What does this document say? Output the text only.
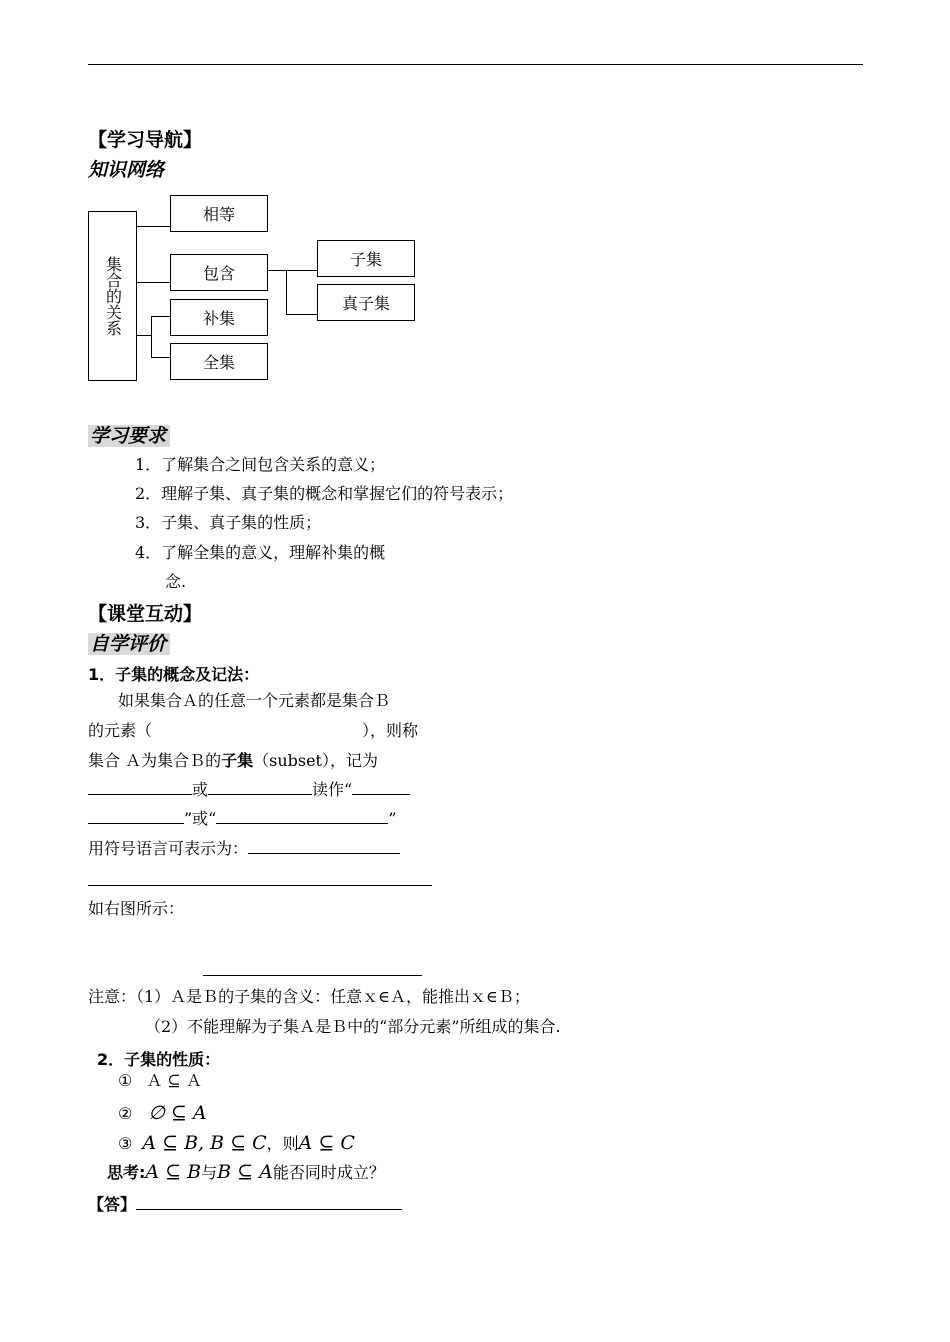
【学习导航】
知识网络
集合的关系
相等
包含
补集
全集
子集
真子集
学习要求
1．了解集合之间包含关系的意义；
2．理解子集、真子集的概念和掌握它们的符号表示；
3．子集、真子集的性质；
4．了解全集的意义，理解补集的概
念.
【课堂互动】
自学评价
1．子集的概念及记法：
如果集合Ａ的任意一个元素都是集合Ｂ
的元素（	），则称
集合 Ａ为集合Ｂ的子集（subset），记为
或	读作“
”或“	”
用符号语言可表示为：
如右图所示：
注意：（1）Ａ是Ｂ的子集的含义：任意ｘ∈Ａ，能推出ｘ∈Ｂ；
（2）不能理解为子集Ａ是Ｂ中的“部分元素”所组成的集合.
2．子集的性质：
① Ａ ⊆ Ａ
② ∅ ⊆ A
③ A ⊆ B, B ⊆ C，则A ⊆ C
思考:A ⊆ B与B ⊆ A能否同时成立？
【答】
